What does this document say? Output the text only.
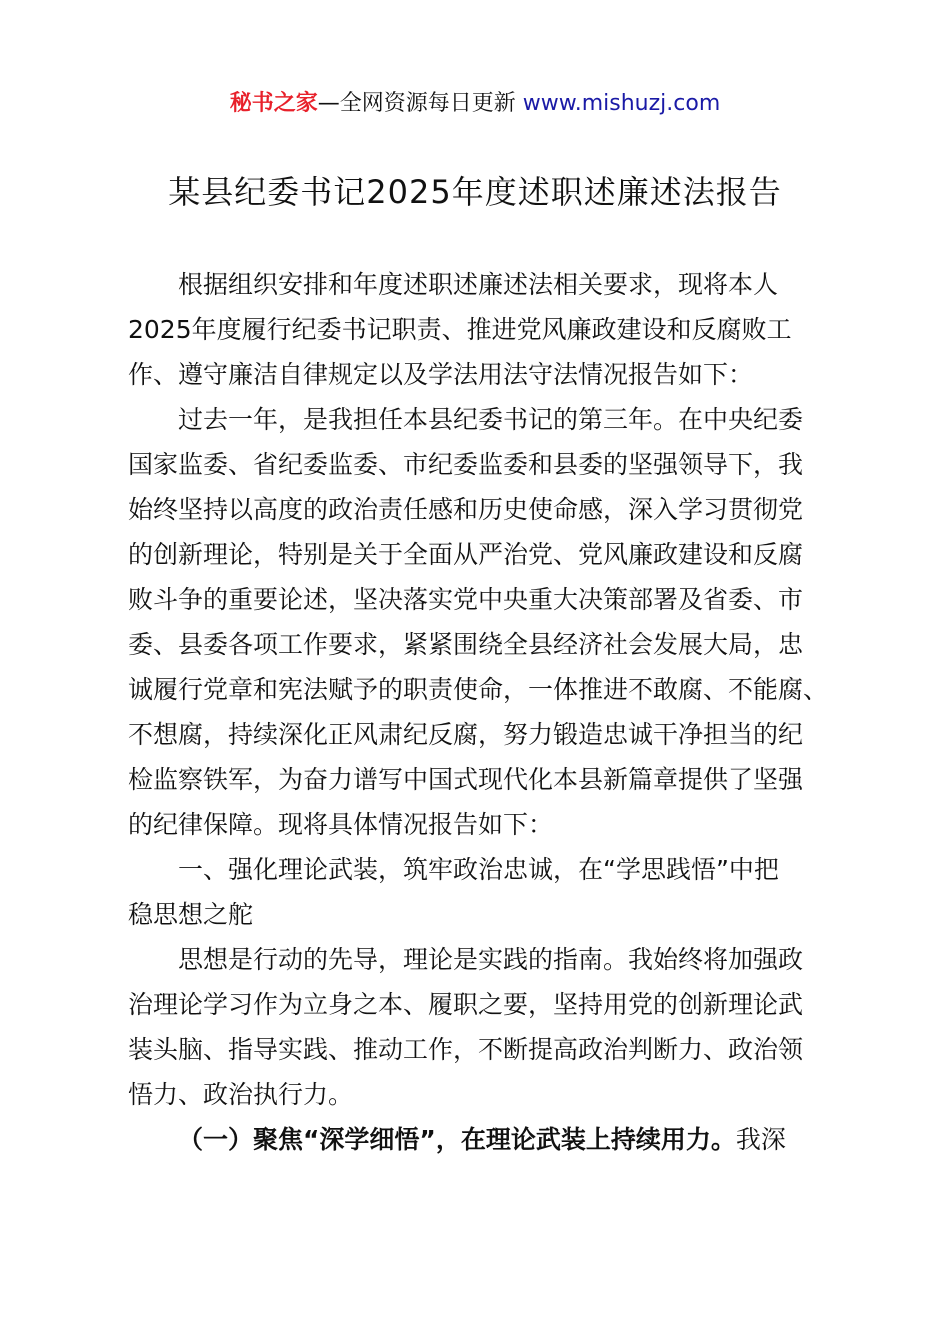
秘书之家—全网资源每日更新 www.mishuzj.com
某县纪委书记2025年度述职述廉述法报告
根据组织安排和年度述职述廉述法相关要求，现将本人
2025年度履行纪委书记职责、推进党风廉政建设和反腐败工
作、遵守廉洁自律规定以及学法用法守法情况报告如下：
过去一年，是我担任本县纪委书记的第三年。在中央纪委
国家监委、省纪委监委、市纪委监委和县委的坚强领导下，我
始终坚持以高度的政治责任感和历史使命感，深入学习贯彻党
的创新理论，特别是关于全面从严治党、党风廉政建设和反腐
败斗争的重要论述，坚决落实党中央重大决策部署及省委、市
委、县委各项工作要求，紧紧围绕全县经济社会发展大局，忠
诚履行党章和宪法赋予的职责使命，一体推进不敢腐、不能腐、
不想腐，持续深化正风肃纪反腐，努力锻造忠诚干净担当的纪
检监察铁军，为奋力谱写中国式现代化本县新篇章提供了坚强
的纪律保障。现将具体情况报告如下：
一、强化理论武装，筑牢政治忠诚，在“学思践悟”中把
稳思想之舵
思想是行动的先导，理论是实践的指南。我始终将加强政
治理论学习作为立身之本、履职之要，坚持用党的创新理论武
装头脑、指导实践、推动工作，不断提高政治判断力、政治领
悟力、政治执行力。
（一）聚焦“深学细悟”，在理论武装上持续用力。我深
